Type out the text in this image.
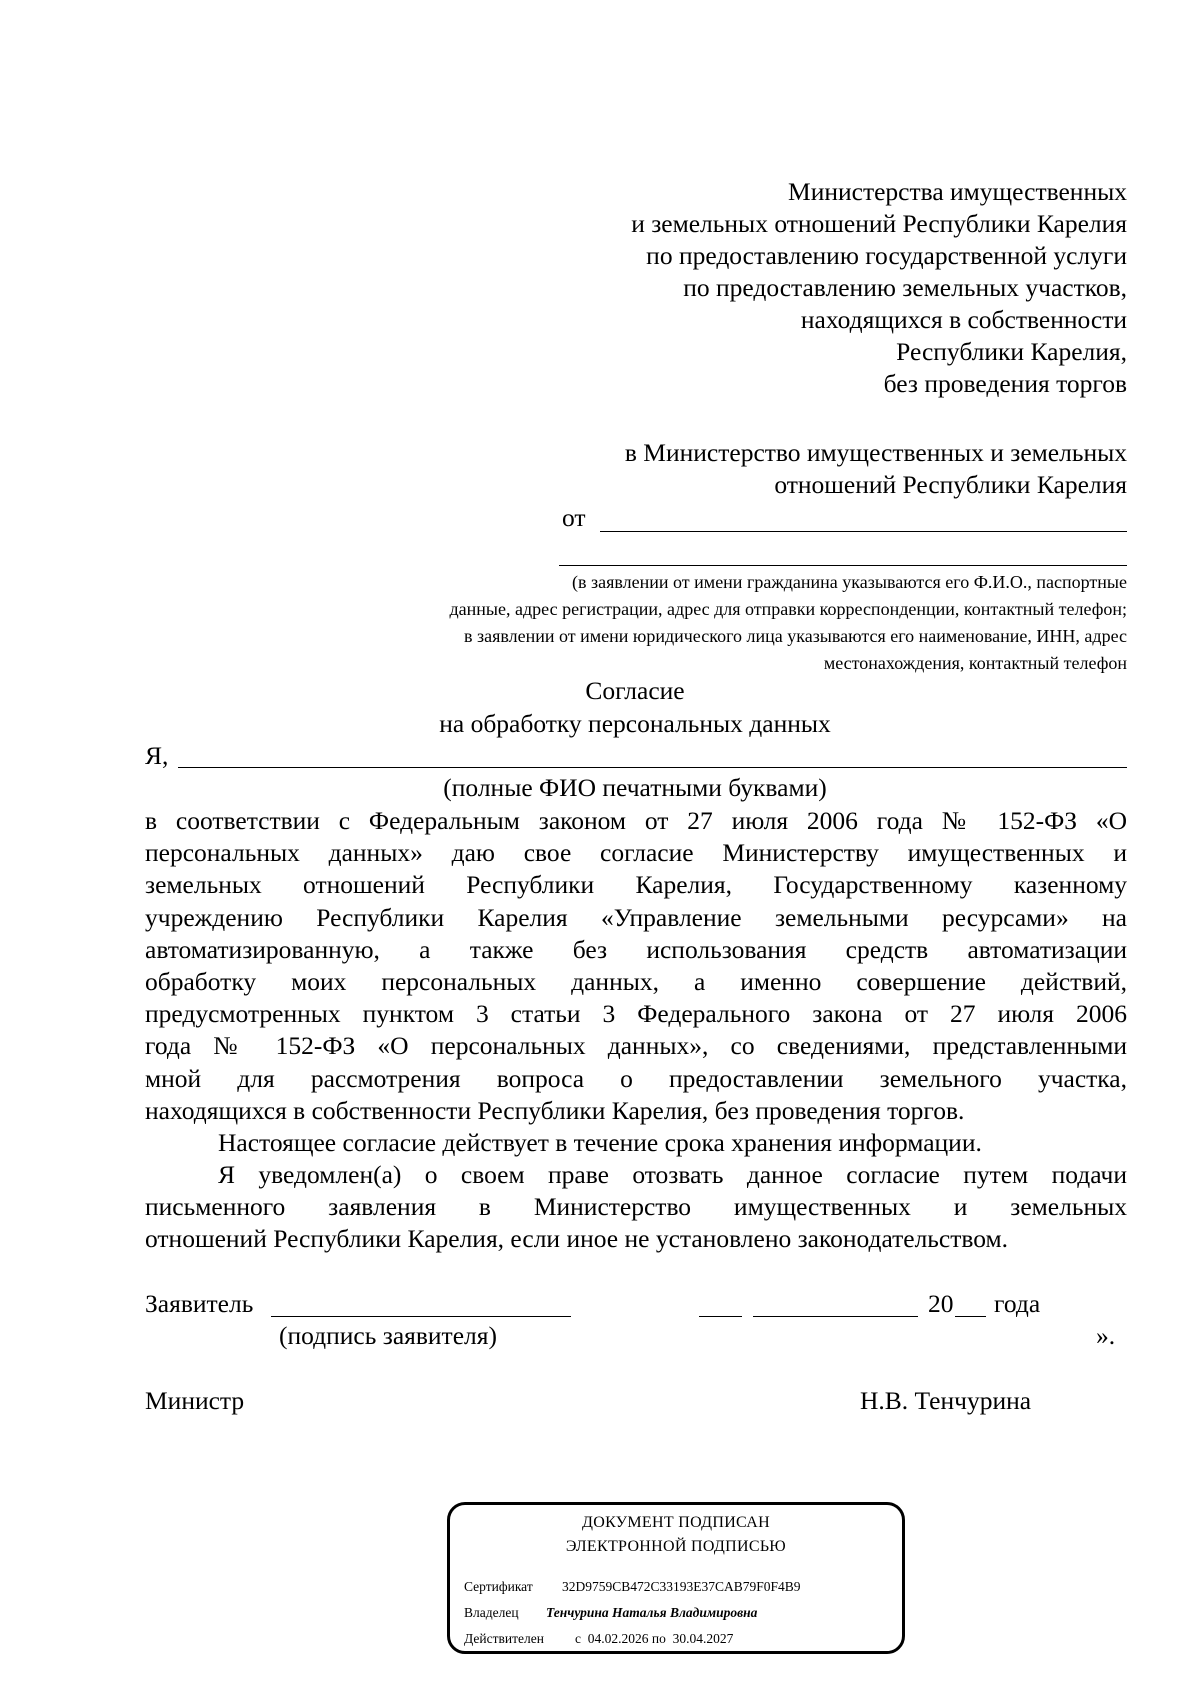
Министерства имущественных
и земельных отношений Республики Карелия
по предоставлению государственной услуги
по предоставлению земельных участков,
находящихся в собственности
Республики Карелия,
без проведения торгов
в Министерство имущественных и земельных
отношений Республики Карелия
от
(в заявлении от имени гражданина указываются его Ф.И.О., паспортные
данные, адрес регистрации, адрес для отправки корреспонденции, контактный телефон;
в заявлении от имени юридического лица указываются его наименование, ИНН, адрес
местонахождения, контактный телефон
Согласие
на обработку персональных данных
Я,
(полные ФИО печатными буквами)
в соответствии с Федеральным законом от 27 июля 2006 года № 152-ФЗ «О
персональных данных» даю свое согласие Министерству имущественных и
земельных отношений Республики Карелия, Государственному казенному
учреждению Республики Карелия «Управление земельными ресурсами» на
автоматизированную, а также без использования средств автоматизации
обработку моих персональных данных, а именно совершение действий,
предусмотренных пунктом 3 статьи 3 Федерального закона от 27 июля 2006
года № 152-ФЗ «О персональных данных», со сведениями, представленными
мной для рассмотрения вопроса о предоставлении земельного участка,
находящихся в собственности Республики Карелия, без проведения торгов.
Настоящее согласие действует в течение срока хранения информации.
Я уведомлен(а) о своем праве отозвать данное согласие путем подачи
письменного заявления в Министерство имущественных и земельных
отношений Республики Карелия, если иное не установлено законодательством.
Заявитель	20 года
(подпись заявителя)	».
Министр	Н.В. Тенчурина
ДОКУМЕНТ ПОДПИСАН
ЭЛЕКТРОННОЙ ПОДПИСЬЮ
Сертификат 32D9759CB472C33193E37CAB79F0F4B9
Владелец Тенчурина Наталья Владимировна
Действителен с 04.02.2026 по 30.04.2027
